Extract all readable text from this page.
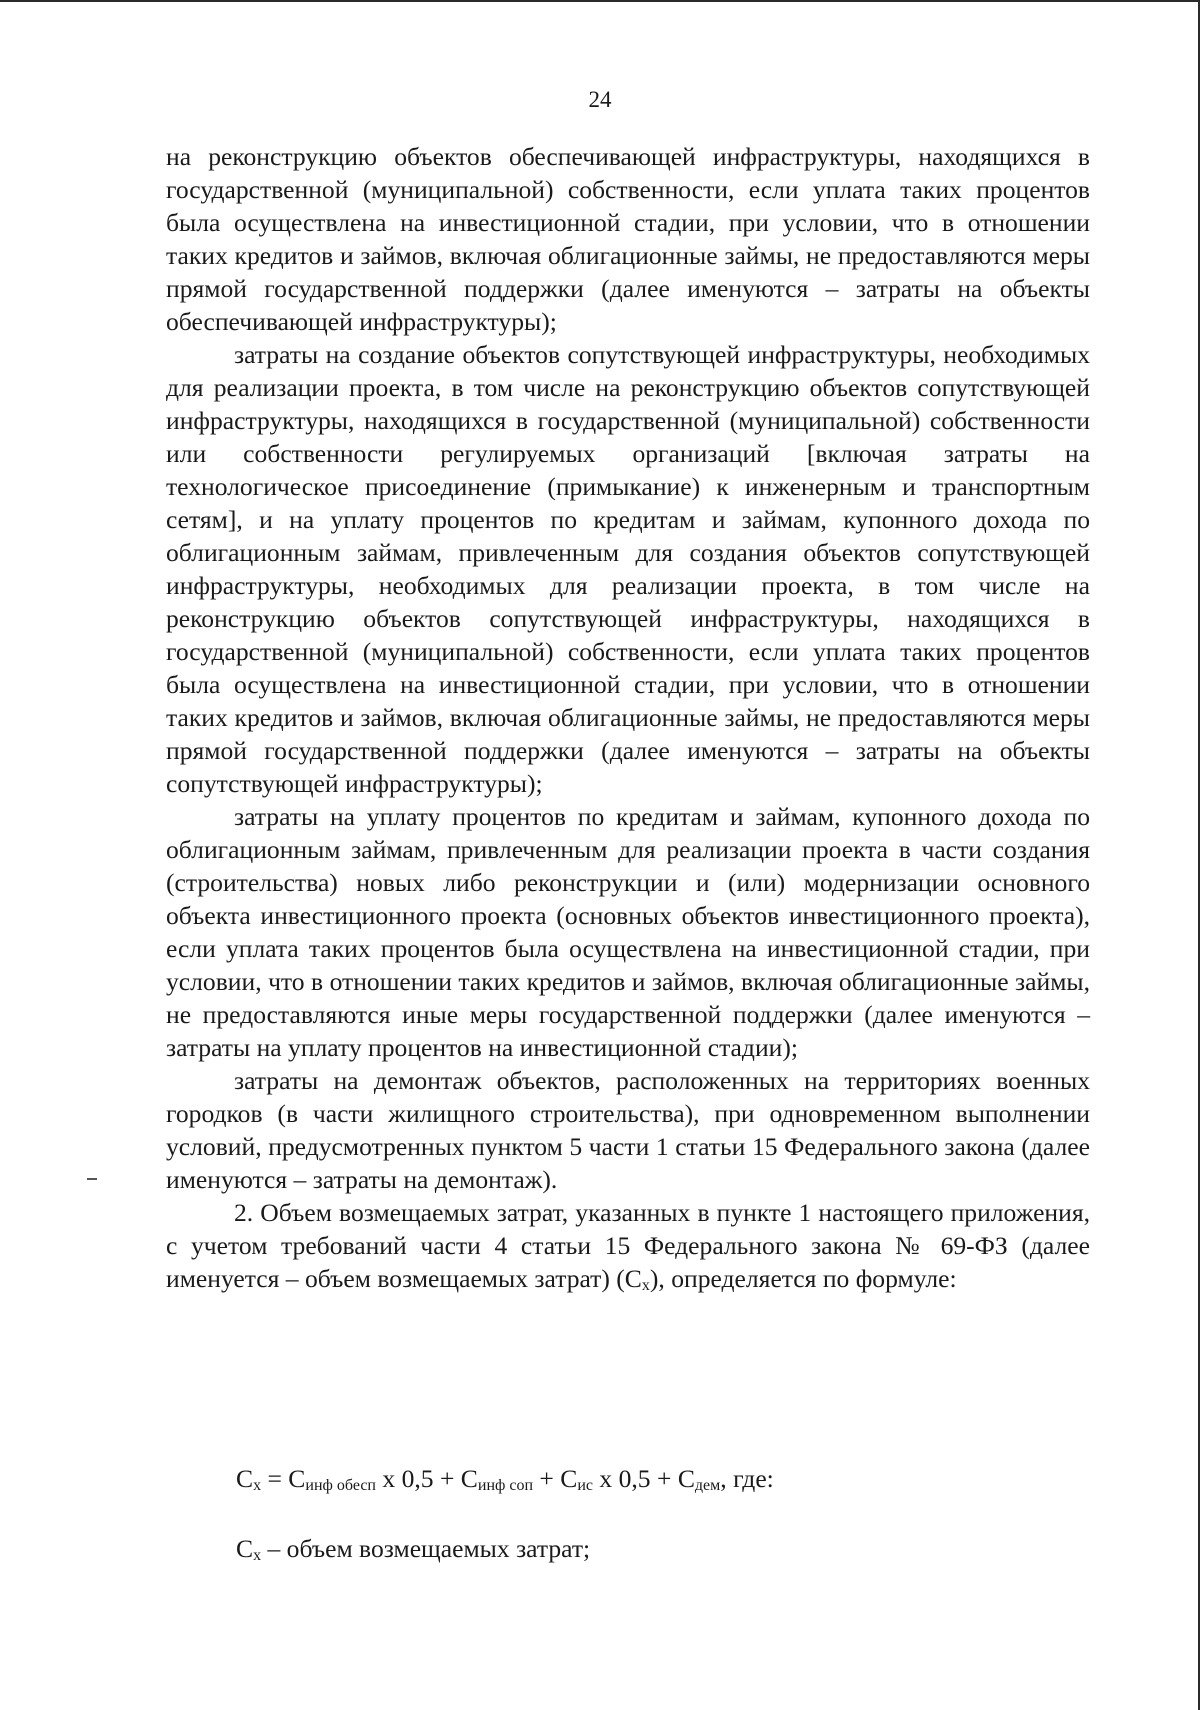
24

на реконструкцию объектов обеспечивающей инфраструктуры, находящихся в государственной (муниципальной) собственности, если уплата таких процентов была осуществлена на инвестиционной стадии, при условии, что в отношении таких кредитов и займов, включая облигационные займы, не предоставляются меры прямой государственной поддержки (далее именуются – затраты на объекты обеспечивающей инфраструктуры);

затраты на создание объектов сопутствующей инфраструктуры, необходимых для реализации проекта, в том числе на реконструкцию объектов сопутствующей инфраструктуры, находящихся в государственной (муниципальной) собственности или собственности регулируемых организаций [включая затраты на технологическое присоединение (примыкание) к инженерным и транспортным сетям], и на уплату процентов по кредитам и займам, купонного дохода по облигационным займам, привлеченным для создания объектов сопутствующей инфраструктуры, необходимых для реализации проекта, в том числе на реконструкцию объектов сопутствующей инфраструктуры, находящихся в государственной (муниципальной) собственности, если уплата таких процентов была осуществлена на инвестиционной стадии, при условии, что в отношении таких кредитов и займов, включая облигационные займы, не предоставляются меры прямой государственной поддержки (далее именуются – затраты на объекты сопутствующей инфраструктуры);

затраты на уплату процентов по кредитам и займам, купонного дохода по облигационным займам, привлеченным для реализации проекта в части создания (строительства) новых либо реконструкции и (или) модернизации основного объекта инвестиционного проекта (основных объектов инвестиционного проекта), если уплата таких процентов была осуществлена на инвестиционной стадии, при условии, что в отношении таких кредитов и займов, включая облигационные займы, не предоставляются иные меры государственной поддержки (далее именуются – затраты на уплату процентов на инвестиционной стадии);

затраты на демонтаж объектов, расположенных на территориях военных городков (в части жилищного строительства), при одновременном выполнении условий, предусмотренных пунктом 5 части 1 статьи 15 Федерального закона (далее именуются – затраты на демонтаж).

2. Объем возмещаемых затрат, указанных в пункте 1 настоящего приложения, с учетом требований части 4 статьи 15 Федерального закона № 69-ФЗ (далее именуется – объем возмещаемых затрат) (Cx), определяется по формуле:

Cx = Cинф обесп x 0,5 + Cинф соп + Cис x 0,5 + Cдем, где:
Cx – объем возмещаемых затрат;
